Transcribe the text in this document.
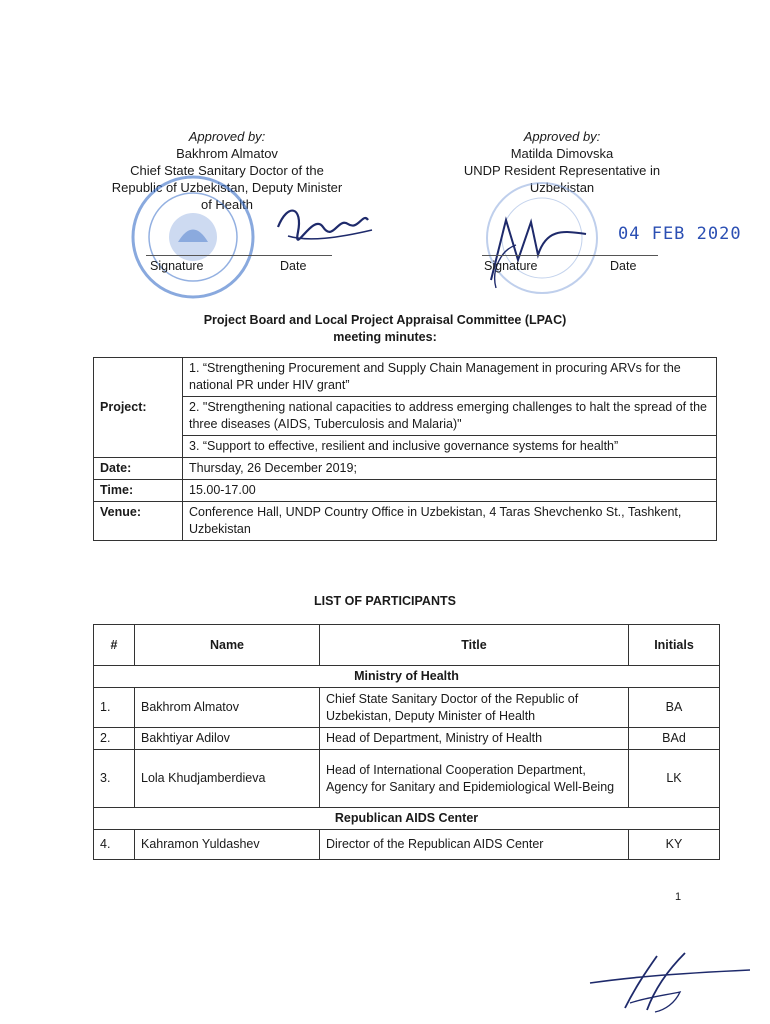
Approved by:
Bakhrom Almatov
Chief State Sanitary Doctor of the
Republic of Uzbekistan, Deputy Minister
of Health
Signature	Date
Approved by:
Matilda Dimovska
UNDP Resident Representative in
Uzbekistan
04 FEB 2020
Signature	Date
Project Board and Local Project Appraisal Committee (LPAC)
meeting minutes:
Project:	1. “Strengthening Procurement and Supply Chain Management in procuring ARVs for the national PR under HIV grant”
	2. "Strengthening national capacities to address emerging challenges to halt the spread of the three diseases (AIDS, Tuberculosis and Malaria)"
	3. “Support to effective, resilient and inclusive governance systems for health”
Date:	Thursday, 26 December 2019;
Time:	15.00-17.00
Venue:	Conference Hall, UNDP Country Office in Uzbekistan, 4 Taras Shevchenko St., Tashkent, Uzbekistan
LIST OF PARTICIPANTS
#	Name	Title	Initials
Ministry of Health			
1.	Bakhrom Almatov	Chief State Sanitary Doctor of the Republic of Uzbekistan, Deputy Minister of Health	BA
2.	Bakhtiyar Adilov	Head of Department, Ministry of Health	BAd
3.	Lola Khudjamberdieva	Head of International Cooperation Department, Agency for Sanitary and Epidemiological Well-Being	LK
Republican AIDS Center			
4.	Kahramon Yuldashev	Director of the Republican AIDS Center	KY
1
